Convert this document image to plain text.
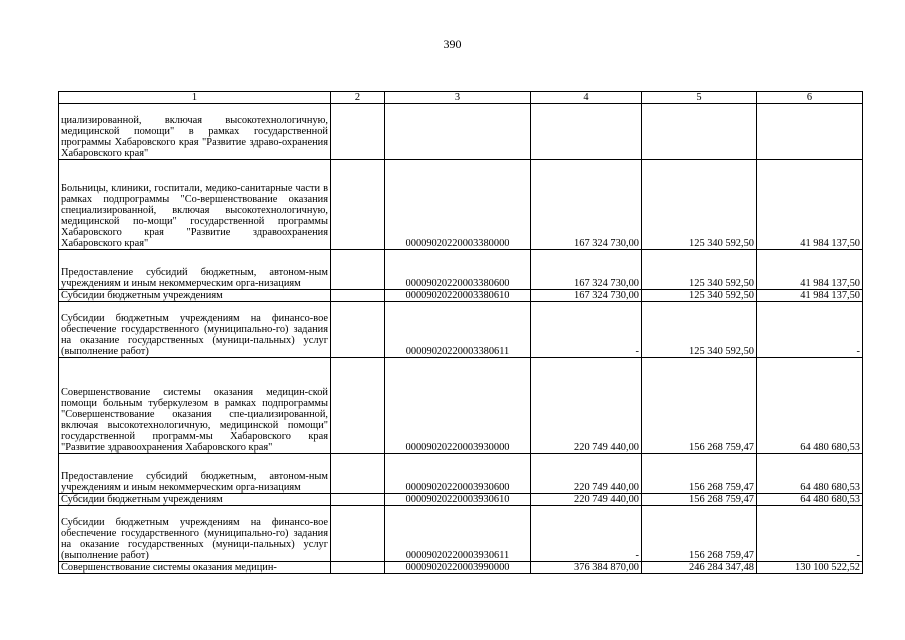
390
1	2	3	4	5	6
циализированной, включая высокотехнологичную, медицинской помощи" в рамках государственной программы Хабаровского края "Развитие здраво-охранения Хабаровского края"					
Больницы, клиники, госпитали, медико-санитарные части в рамках подпрограммы "Со-вершенствование оказания специализированной, включая высокотехнологичную, медицинской по-мощи" государственной программы Хабаровского края "Развитие здравоохранения Хабаровского края"		00009020220003380000	167 324 730,00	125 340 592,50	41 984 137,50
Предоставление субсидий бюджетным, автоном-ным учреждениям и иным некоммерческим орга-низациям		00009020220003380600	167 324 730,00	125 340 592,50	41 984 137,50
Субсидии бюджетным учреждениям		00009020220003380610	167 324 730,00	125 340 592,50	41 984 137,50
Субсидии бюджетным учреждениям на финансо-вое обеспечение государственного (муниципально-го) задания на оказание государственных (муници-пальных) услуг (выполнение работ)		00009020220003380611	-	125 340 592,50	-
Совершенствование системы оказания медицин-ской помощи больным туберкулезом в рамках подпрограммы "Совершенствование оказания спе-циализированной, включая высокотехнологичную, медицинской помощи" государственной программ-мы Хабаровского края "Развитие здравоохранения Хабаровского края"		00009020220003930000	220 749 440,00	156 268 759,47	64 480 680,53
Предоставление субсидий бюджетным, автоном-ным учреждениям и иным некоммерческим орга-низациям		00009020220003930600	220 749 440,00	156 268 759,47	64 480 680,53
Субсидии бюджетным учреждениям		00009020220003930610	220 749 440,00	156 268 759,47	64 480 680,53
Субсидии бюджетным учреждениям на финансо-вое обеспечение государственного (муниципально-го) задания на оказание государственных (муници-пальных) услуг (выполнение работ)		00009020220003930611	-	156 268 759,47	-
Совершенствование системы оказания медицин-		00009020220003990000	376 384 870,00	246 284 347,48	130 100 522,52
